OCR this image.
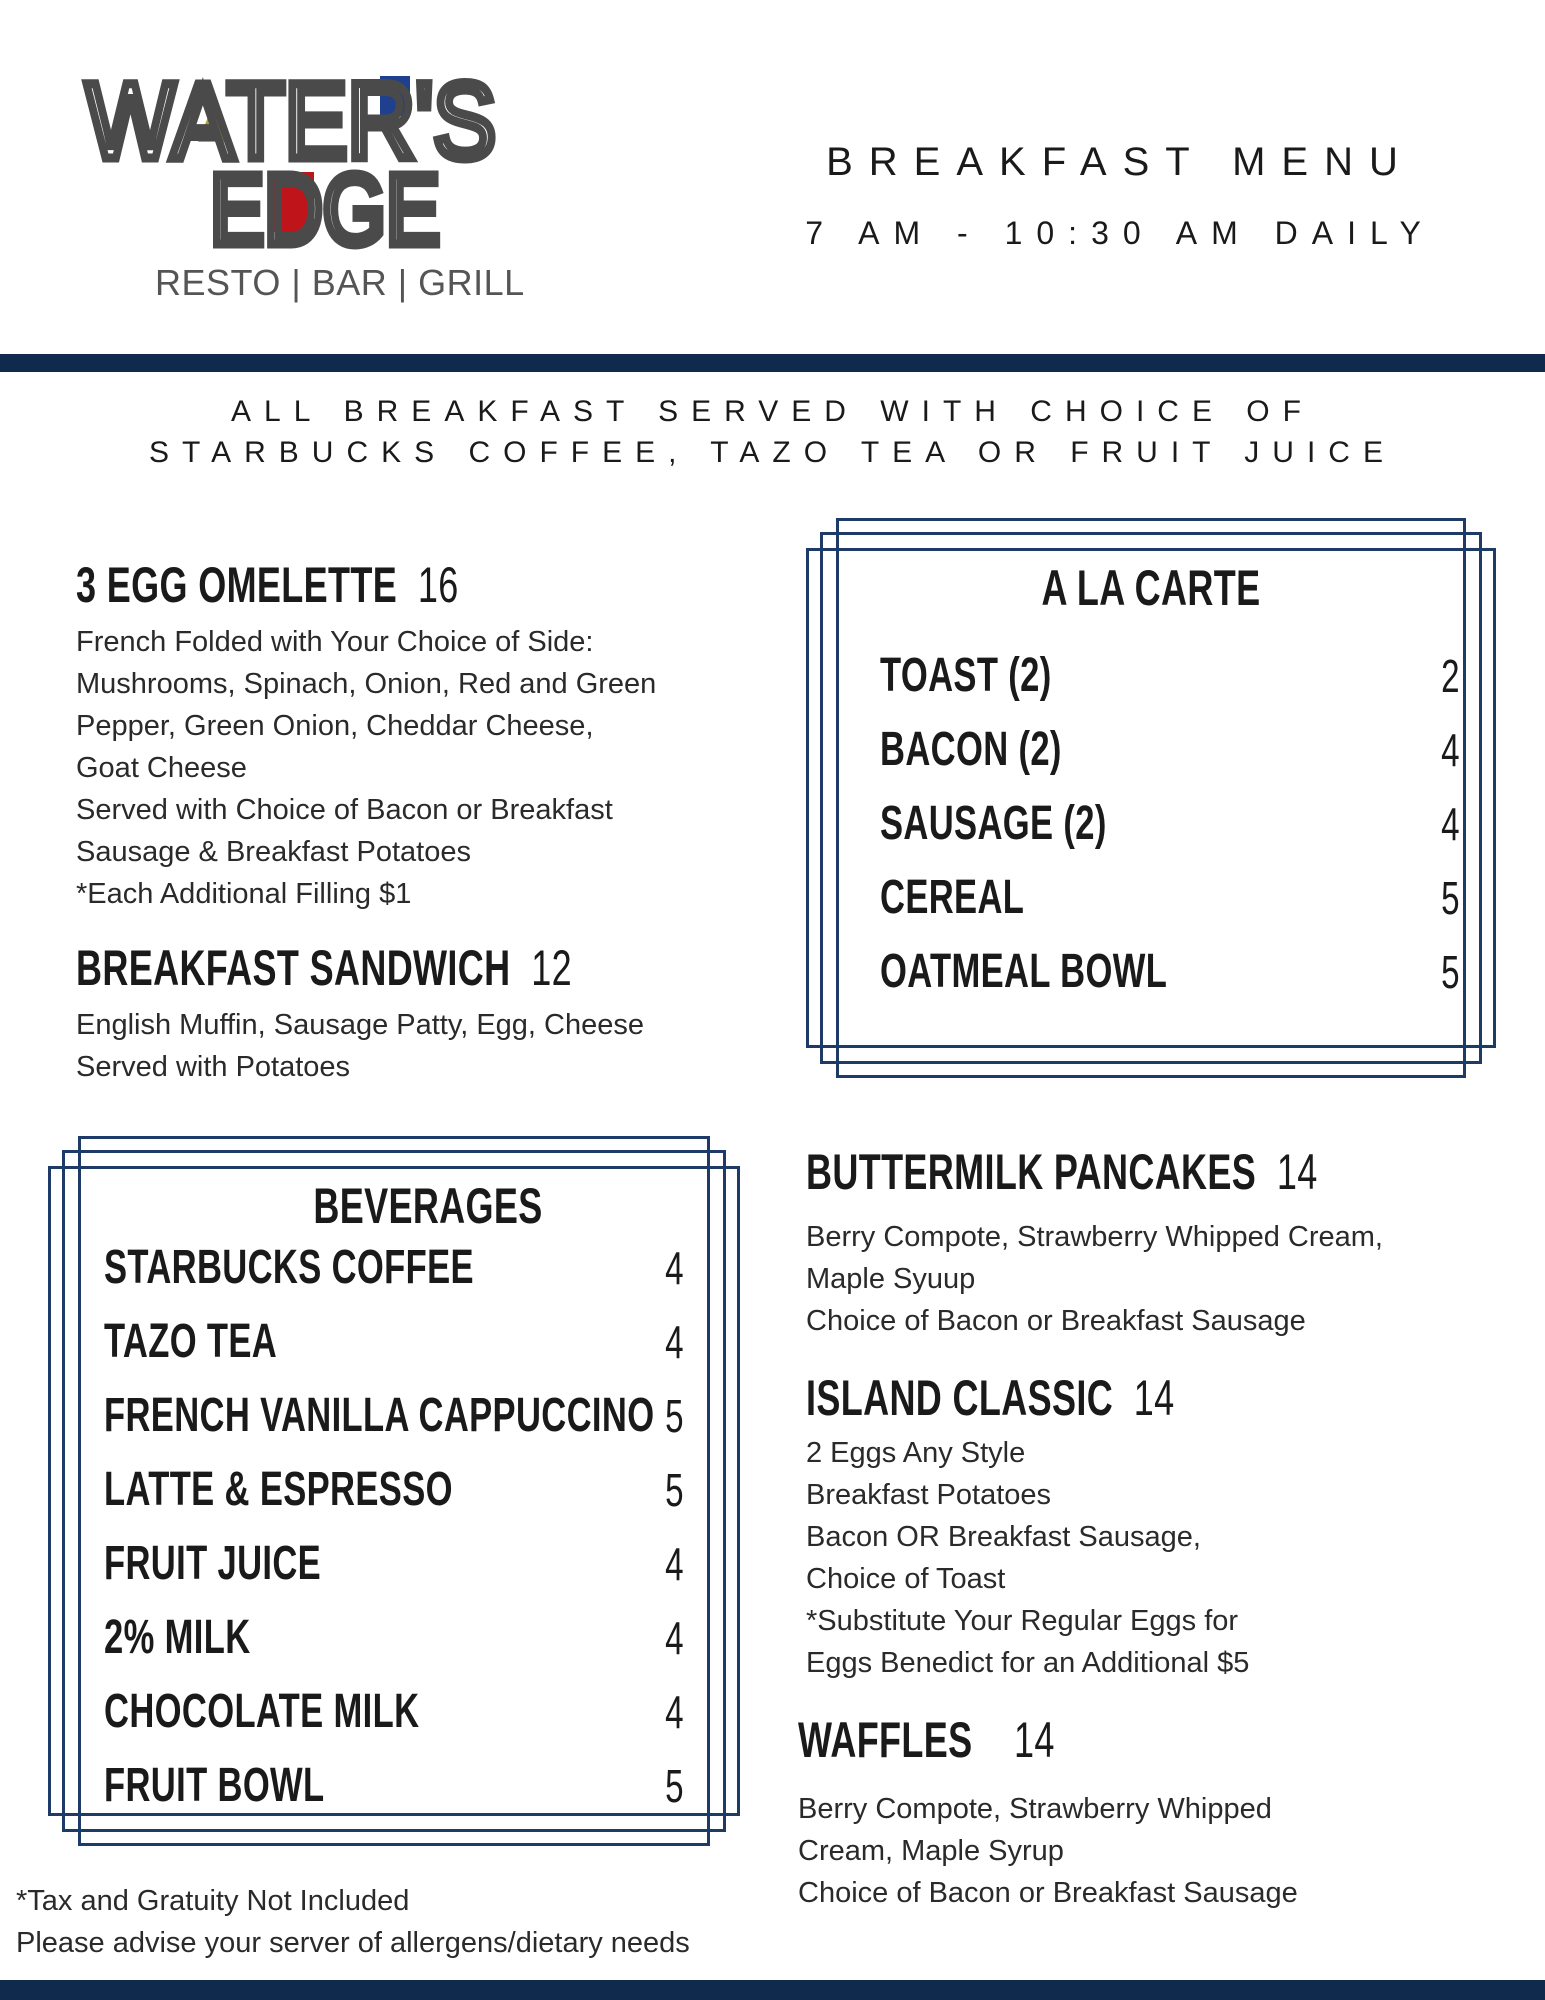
WATER'S
EDGE
RESTO | BAR | GRILL
BREAKFAST MENU
7 AM - 10:30 AM DAILY
ALL BREAKFAST SERVED WITH CHOICE OF
STARBUCKS COFFEE, TAZO TEA OR FRUIT JUICE
3 EGG OMELETTE 16
French Folded with Your Choice of Side:
Mushrooms, Spinach, Onion, Red and Green
Pepper, Green Onion, Cheddar Cheese,
Goat Cheese
Served with Choice of Bacon or Breakfast
Sausage & Breakfast Potatoes
*Each Additional Filling $1
BREAKFAST SANDWICH 12
English Muffin, Sausage Patty, Egg, Cheese
Served with Potatoes
A LA CARTE
TOAST (2)	2
BACON (2)	4
SAUSAGE (2)	4
CEREAL	5
OATMEAL BOWL	5
BEVERAGES
STARBUCKS COFFEE	4
TAZO TEA	4
FRENCH VANILLA CAPPUCCINO 5
LATTE & ESPRESSO	5
FRUIT JUICE	4
2% MILK	4
CHOCOLATE MILK	4
FRUIT BOWL	5
BUTTERMILK PANCAKES 14
Berry Compote, Strawberry Whipped Cream,
Maple Syuup
Choice of Bacon or Breakfast Sausage
ISLAND CLASSIC 14
2 Eggs Any Style
Breakfast Potatoes
Bacon OR Breakfast Sausage,
Choice of Toast
*Substitute Your Regular Eggs for
Eggs Benedict for an Additional $5
WAFFLES 14
Berry Compote, Strawberry Whipped
Cream, Maple Syrup
Choice of Bacon or Breakfast Sausage
*Tax and Gratuity Not Included
Please advise your server of allergens/dietary needs
